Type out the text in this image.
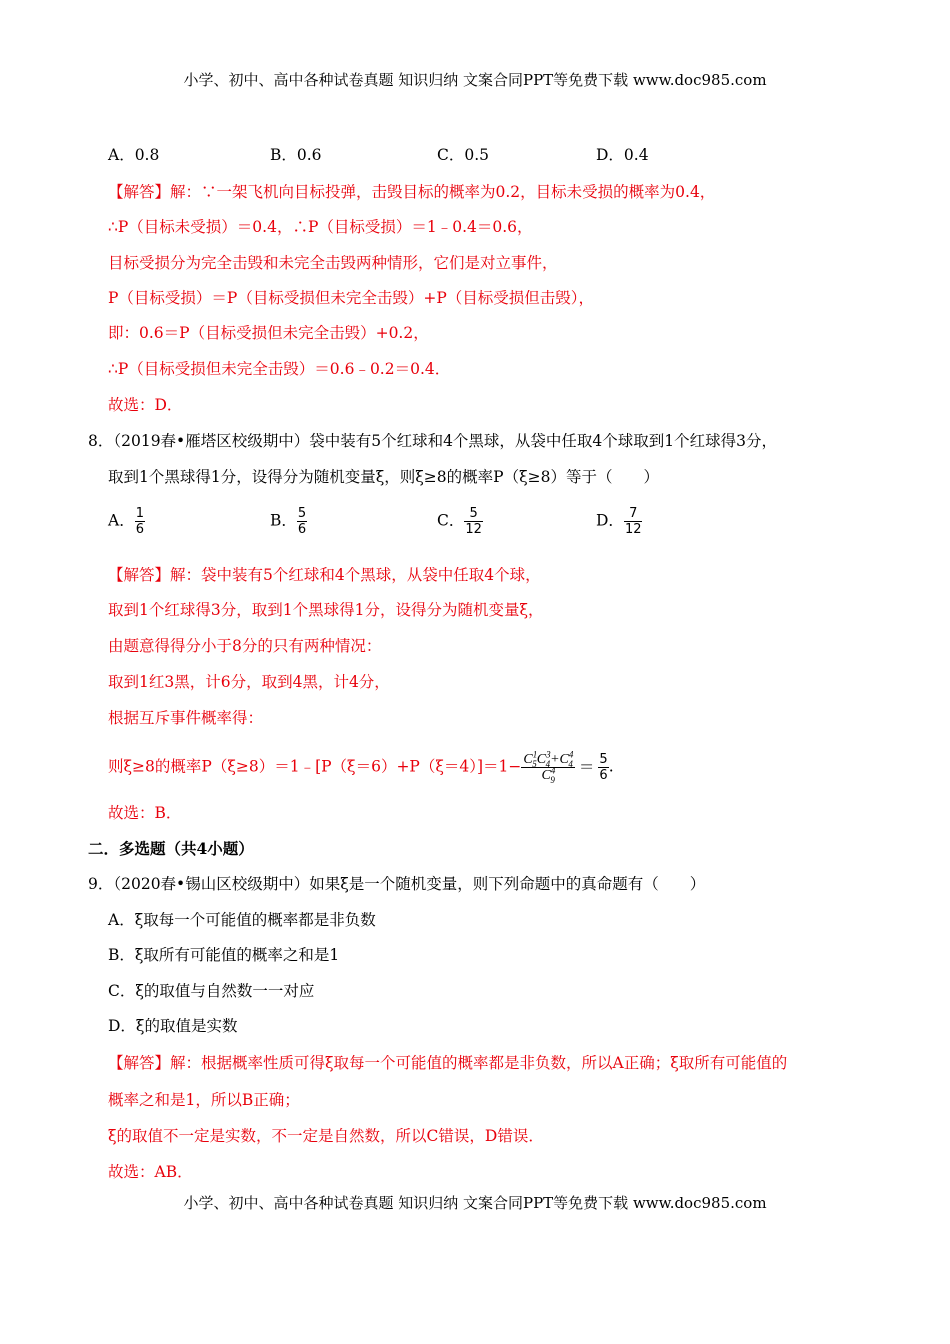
小学、初中、高中各种试卷真题 知识归纳 文案合同PPT等免费下载 www.doc985.com
A．0.8	B．0.6	C．0.5	D．0.4
【解答】解：∵一架飞机向目标投弹，击毁目标的概率为0.2，目标未受损的概率为0.4，
∴P（目标未受损）＝0.4，∴P（目标受损）＝1﹣0.4＝0.6，
目标受损分为完全击毁和未完全击毁两种情形，它们是对立事件，
P（目标受损）＝P（目标受损但未完全击毁）+P（目标受损但击毁），
即：0.6＝P（目标受损但未完全击毁）+0.2，
∴P（目标受损但未完全击毁）＝0.6﹣0.2＝0.4．
故选：D．
8．（2019春•雁塔区校级期中）袋中装有5个红球和4个黑球，从袋中任取4个球取到1个红球得3分，
取到1个黑球得1分，设得分为随机变量ξ，则ξ≥8的概率P（ξ≥8）等于（　　）
A． $\frac{1}{6}$	B． $\frac{5}{6}$	C． $\frac{5}{12}$	D． $\frac{7}{12}$
【解答】解：袋中装有5个红球和4个黑球，从袋中任取4个球，
取到1个红球得3分，取到1个黑球得1分，设得分为随机变量ξ，
由题意得得分小于8分的只有两种情况：
取到1红3黑，计6分，取到4黑，计4分，
根据互斥事件概率得：
则ξ≥8的概率P（ξ≥8）＝1﹣[P（ξ＝6）+P（ξ＝4）]＝1− $\frac{C^1_5C^3_4+C^4_4}{C^4_9} = \frac{5}{6}$ .
故选：B．
二．多选题（共4小题）
9．（2020春•锡山区校级期中）如果ξ是一个随机变量，则下列命题中的真命题有（　　）
A．ξ取每一个可能值的概率都是非负数
B．ξ取所有可能值的概率之和是1
C．ξ的取值与自然数一一对应
D．ξ的取值是实数
【解答】解：根据概率性质可得ξ取每一个可能值的概率都是非负数，所以A正确；ξ取所有可能值的
概率之和是1，所以B正确；
ξ的取值不一定是实数，不一定是自然数，所以C错误，D错误．
故选：AB．
小学、初中、高中各种试卷真题 知识归纳 文案合同PPT等免费下载 www.doc985.com
